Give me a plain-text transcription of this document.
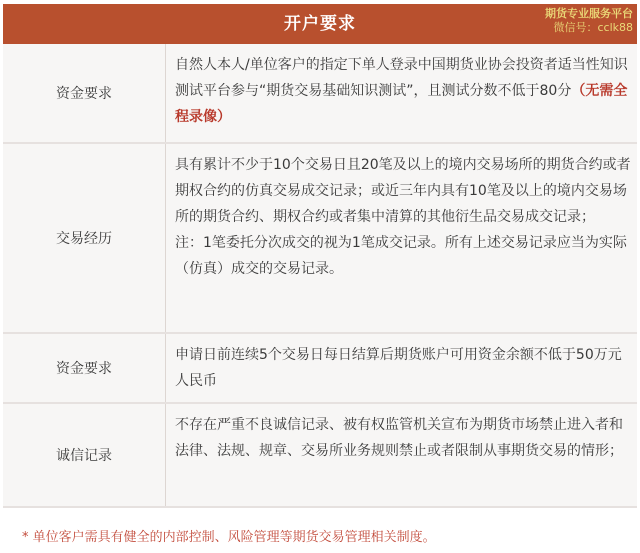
开户要求
期货专业服务平台
微信号：cclk88
资金要求

自然人本人/单位客户的指定下单人登录中国期货业协会投资者适当性知识测试平台参与“期货交易基础知识测试”，且测试分数不低于80分（无需全程录像）

交易经历

具有累计不少于10个交易日且20笔及以上的境内交易场所的期货合约或者期权合约的仿真交易成交记录；或近三年内具有10笔及以上的境内交易场所的期货合约、期权合约或者集中清算的其他衍生品交易成交记录；

注：1笔委托分次成交的视为1笔成交记录。所有上述交易记录应当为实际（仿真）成交的交易记录。

资金要求

申请日前连续5个交易日每日结算后期货账户可用资金余额不低于50万元人民币

诚信记录

不存在严重不良诚信记录、被有权监管机关宣布为期货市场禁止进入者和法律、法规、规章、交易所业务规则禁止或者限制从事期货交易的情形；

* 单位客户需具有健全的内部控制、风险管理等期货交易管理相关制度。
